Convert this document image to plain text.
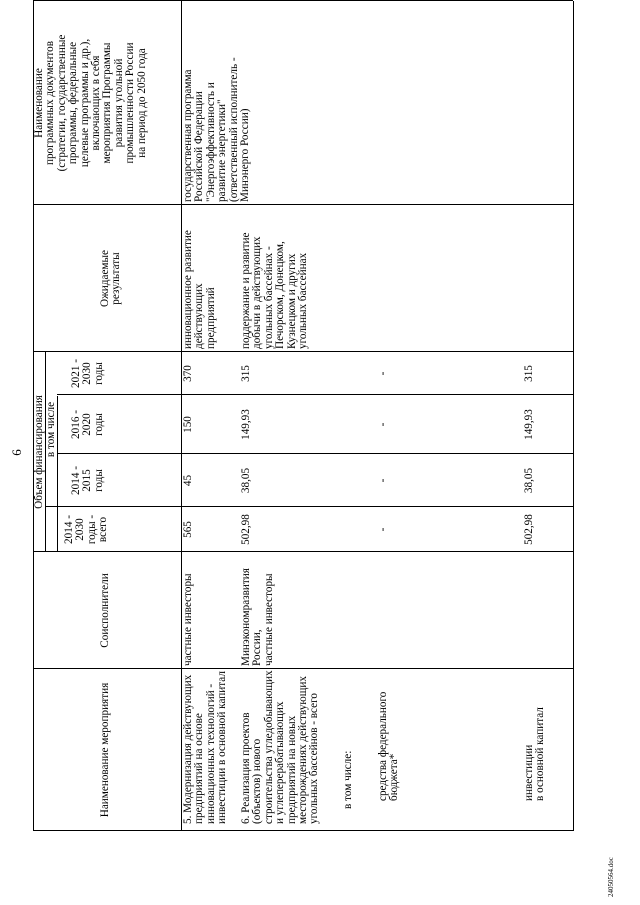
6
Наименование мероприятия
Соисполнители
Объем финансирования
2014 -
2030
годы -
всего
в том числе
2014 -
2015
годы
2016 -
2020
годы
2021 -
2030
годы
Ожидаемые
результаты
Наименование
программных документов
(стратегии, государственные
программы, федеральные
целевые программы и др.),
включающих в себя
мероприятия Программы
развития угольной
промышленности России
на период до 2050 года
5. Модернизация действующих
предприятий на основе
инновационных технологий -
инвестиции в основной капитал
частные инвесторы
565
45
150
370
инновационное развитие
действующих
предприятий
государственная программа
Российской Федерации
"Энергоэффективность и
развитие энергетики"
(ответственный исполнитель -
Минэнерго России)
6. Реализация проектов
(объектов) нового
строительства угледобывающих
и углеперерабатывающих
предприятий на новых
месторождениях действующих
угольных бассейнов - всего
Минэкономразвития
России,
частные инвесторы
502,98
38,05
149,93
315
поддержание и развитие
добычи в действующих
угольных бассейнах -
Печорском, Донецком,
Кузнецком и других
угольных бассейнах
в том числе: средства федерального
бюджета*
-
-
-
-
инвестиции
в основной капитал
502,98
38,05
149,93
315
24050564.doc
